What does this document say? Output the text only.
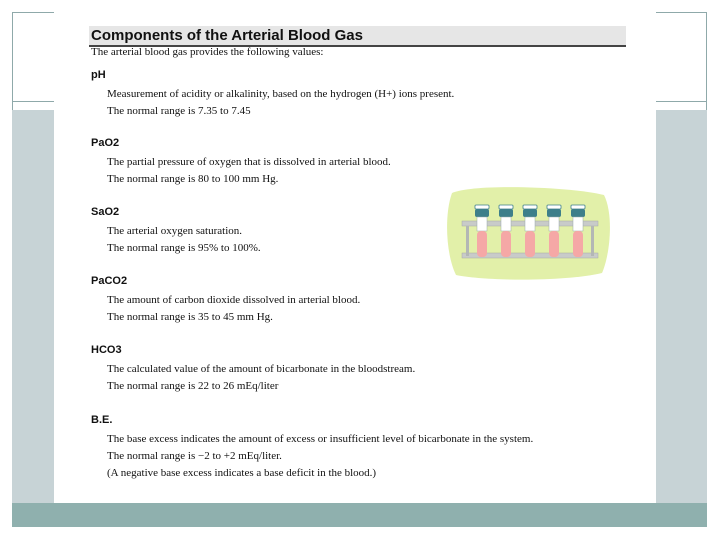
Components of the Arterial Blood Gas
The arterial blood gas provides the following values:
pH
Measurement of acidity or alkalinity, based on the hydrogen (H+) ions present.
The normal range is 7.35 to 7.45
PaO2
The partial pressure of oxygen that is dissolved in arterial blood.
The normal range is 80 to 100 mm Hg.
SaO2
The arterial oxygen saturation.
The normal range is 95% to 100%.
PaCO2
The amount of carbon dioxide dissolved in arterial blood.
The normal range is 35 to 45 mm Hg.
HCO3
The calculated value of the amount of bicarbonate in the bloodstream.
The normal range is 22 to 26 mEq/liter
B.E.
The base excess indicates the amount of excess or insufficient level of bicarbonate in the system.
The normal range is −2 to +2 mEq/liter.
(A negative base excess indicates a base deficit in the blood.)
